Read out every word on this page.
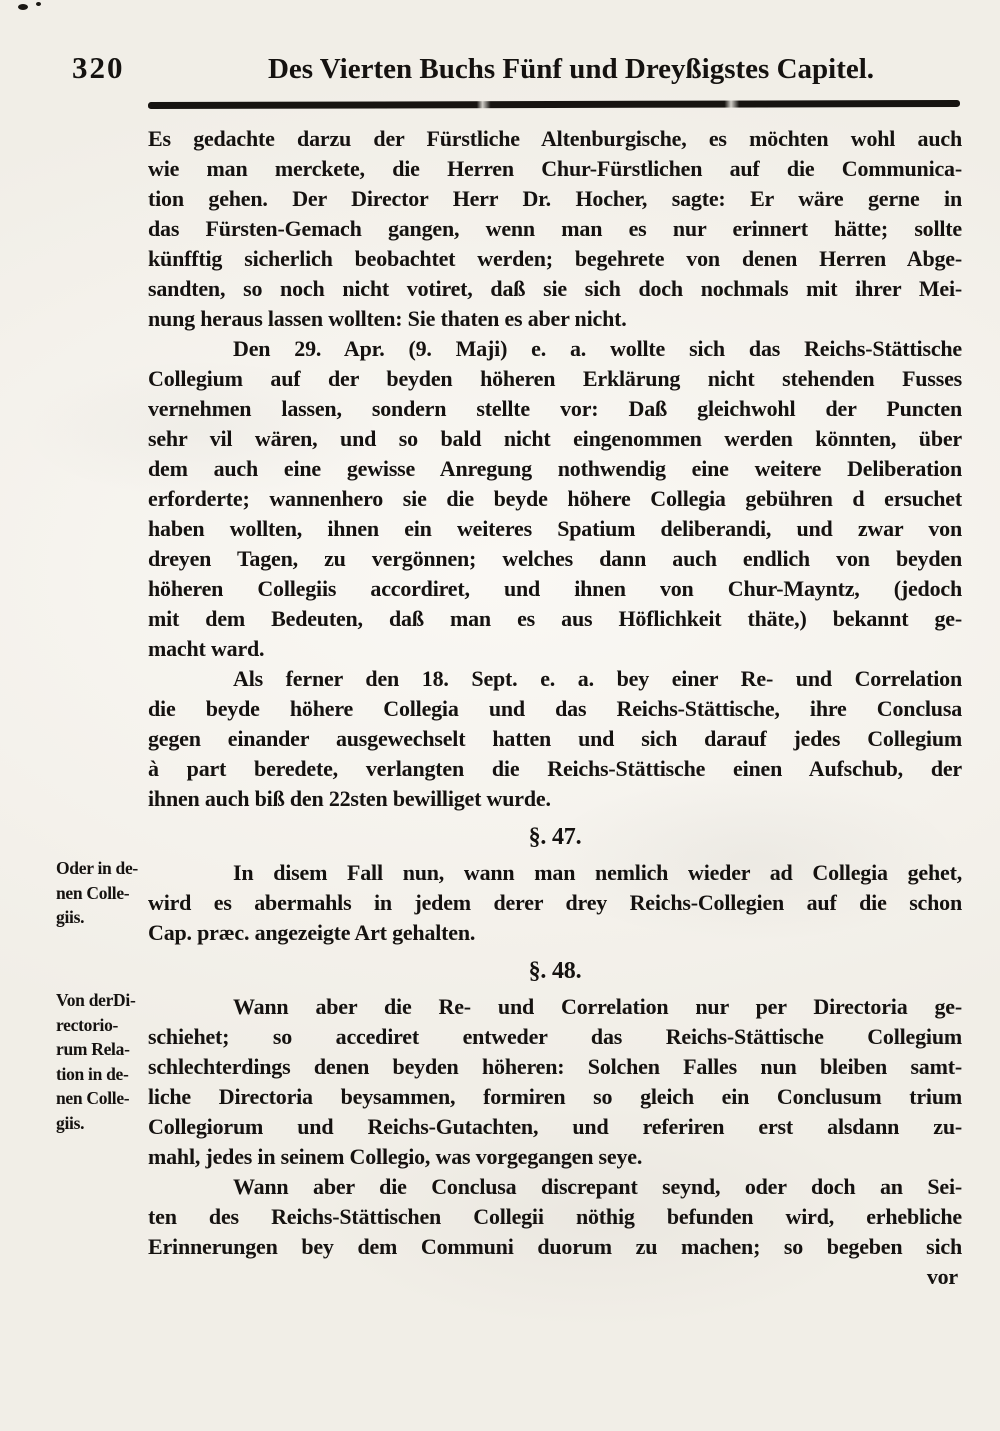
320	Des Vierten Buchs Fünf und Dreyßigstes Capitel.
Es gedachte darzu der Fürstliche Altenburgische, es möchten wohl auch
wie man merckete, die Herren Chur-Fürstlichen auf die Communica-
tion gehen. Der Director Herr Dr. Hocher, sagte: Er wäre gerne in
das Fürsten-Gemach gangen, wenn man es nur erinnert hätte; sollte
künfftig sicherlich beobachtet werden; begehrete von denen Herren Abge-
sandten, so noch nicht votiret, daß sie sich doch nochmals mit ihrer Mei-
nung heraus lassen wollten: Sie thaten es aber nicht.
Den 29. Apr. (9. Maji) e. a. wollte sich das Reichs-Stättische
Collegium auf der beyden höheren Erklärung nicht stehenden Fusses
vernehmen lassen, sondern stellte vor: Daß gleichwohl der Puncten
sehr vil wären, und so bald nicht eingenommen werden könnten, über
dem auch eine gewisse Anregung nothwendig eine weitere Deliberation
erforderte; wannenhero sie die beyde höhere Collegia gebühren d ersuchet
haben wollten, ihnen ein weiteres Spatium deliberandi, und zwar von
dreyen Tagen, zu vergönnen; welches dann auch endlich von beyden
höheren Collegiis accordiret, und ihnen von Chur-Mayntz, (jedoch
mit dem Bedeuten, daß man es aus Höflichkeit thäte,) bekannt ge-
macht ward.
Als ferner den 18. Sept. e. a. bey einer Re- und Correlation
die beyde höhere Collegia und das Reichs-Stättische, ihre Conclusa
gegen einander ausgewechselt hatten und sich darauf jedes Collegium
à part beredete, verlangten die Reichs-Stättische einen Aufschub, der
ihnen auch biß den 22sten bewilliget wurde.
§. 47.
In disem Fall nun, wann man nemlich wieder ad Collegia gehet,
wird es abermahls in jedem derer drey Reichs-Collegien auf die schon
Cap. præc. angezeigte Art gehalten.
§. 48.
Wann aber die Re- und Correlation nur per Directoria ge-
schiehet; so accediret entweder das Reichs-Stättische Collegium
schlechterdings denen beyden höheren: Solchen Falles nun bleiben samt-
liche Directoria beysammen, formiren so gleich ein Conclusum trium
Collegiorum und Reichs-Gutachten, und referiren erst alsdann zu-
mahl, jedes in seinem Collegio, was vorgegangen seye.
Wann aber die Conclusa discrepant seynd, oder doch an Sei-
ten des Reichs-Stättischen Collegii nöthig befunden wird, erhebliche
Erinnerungen bey dem Communi duorum zu machen; so begeben sich
vor
Oder in de-
nen Colle-
giis.
Von derDi-
rectorio-
rum Rela-
tion in de-
nen Colle-
giis.
